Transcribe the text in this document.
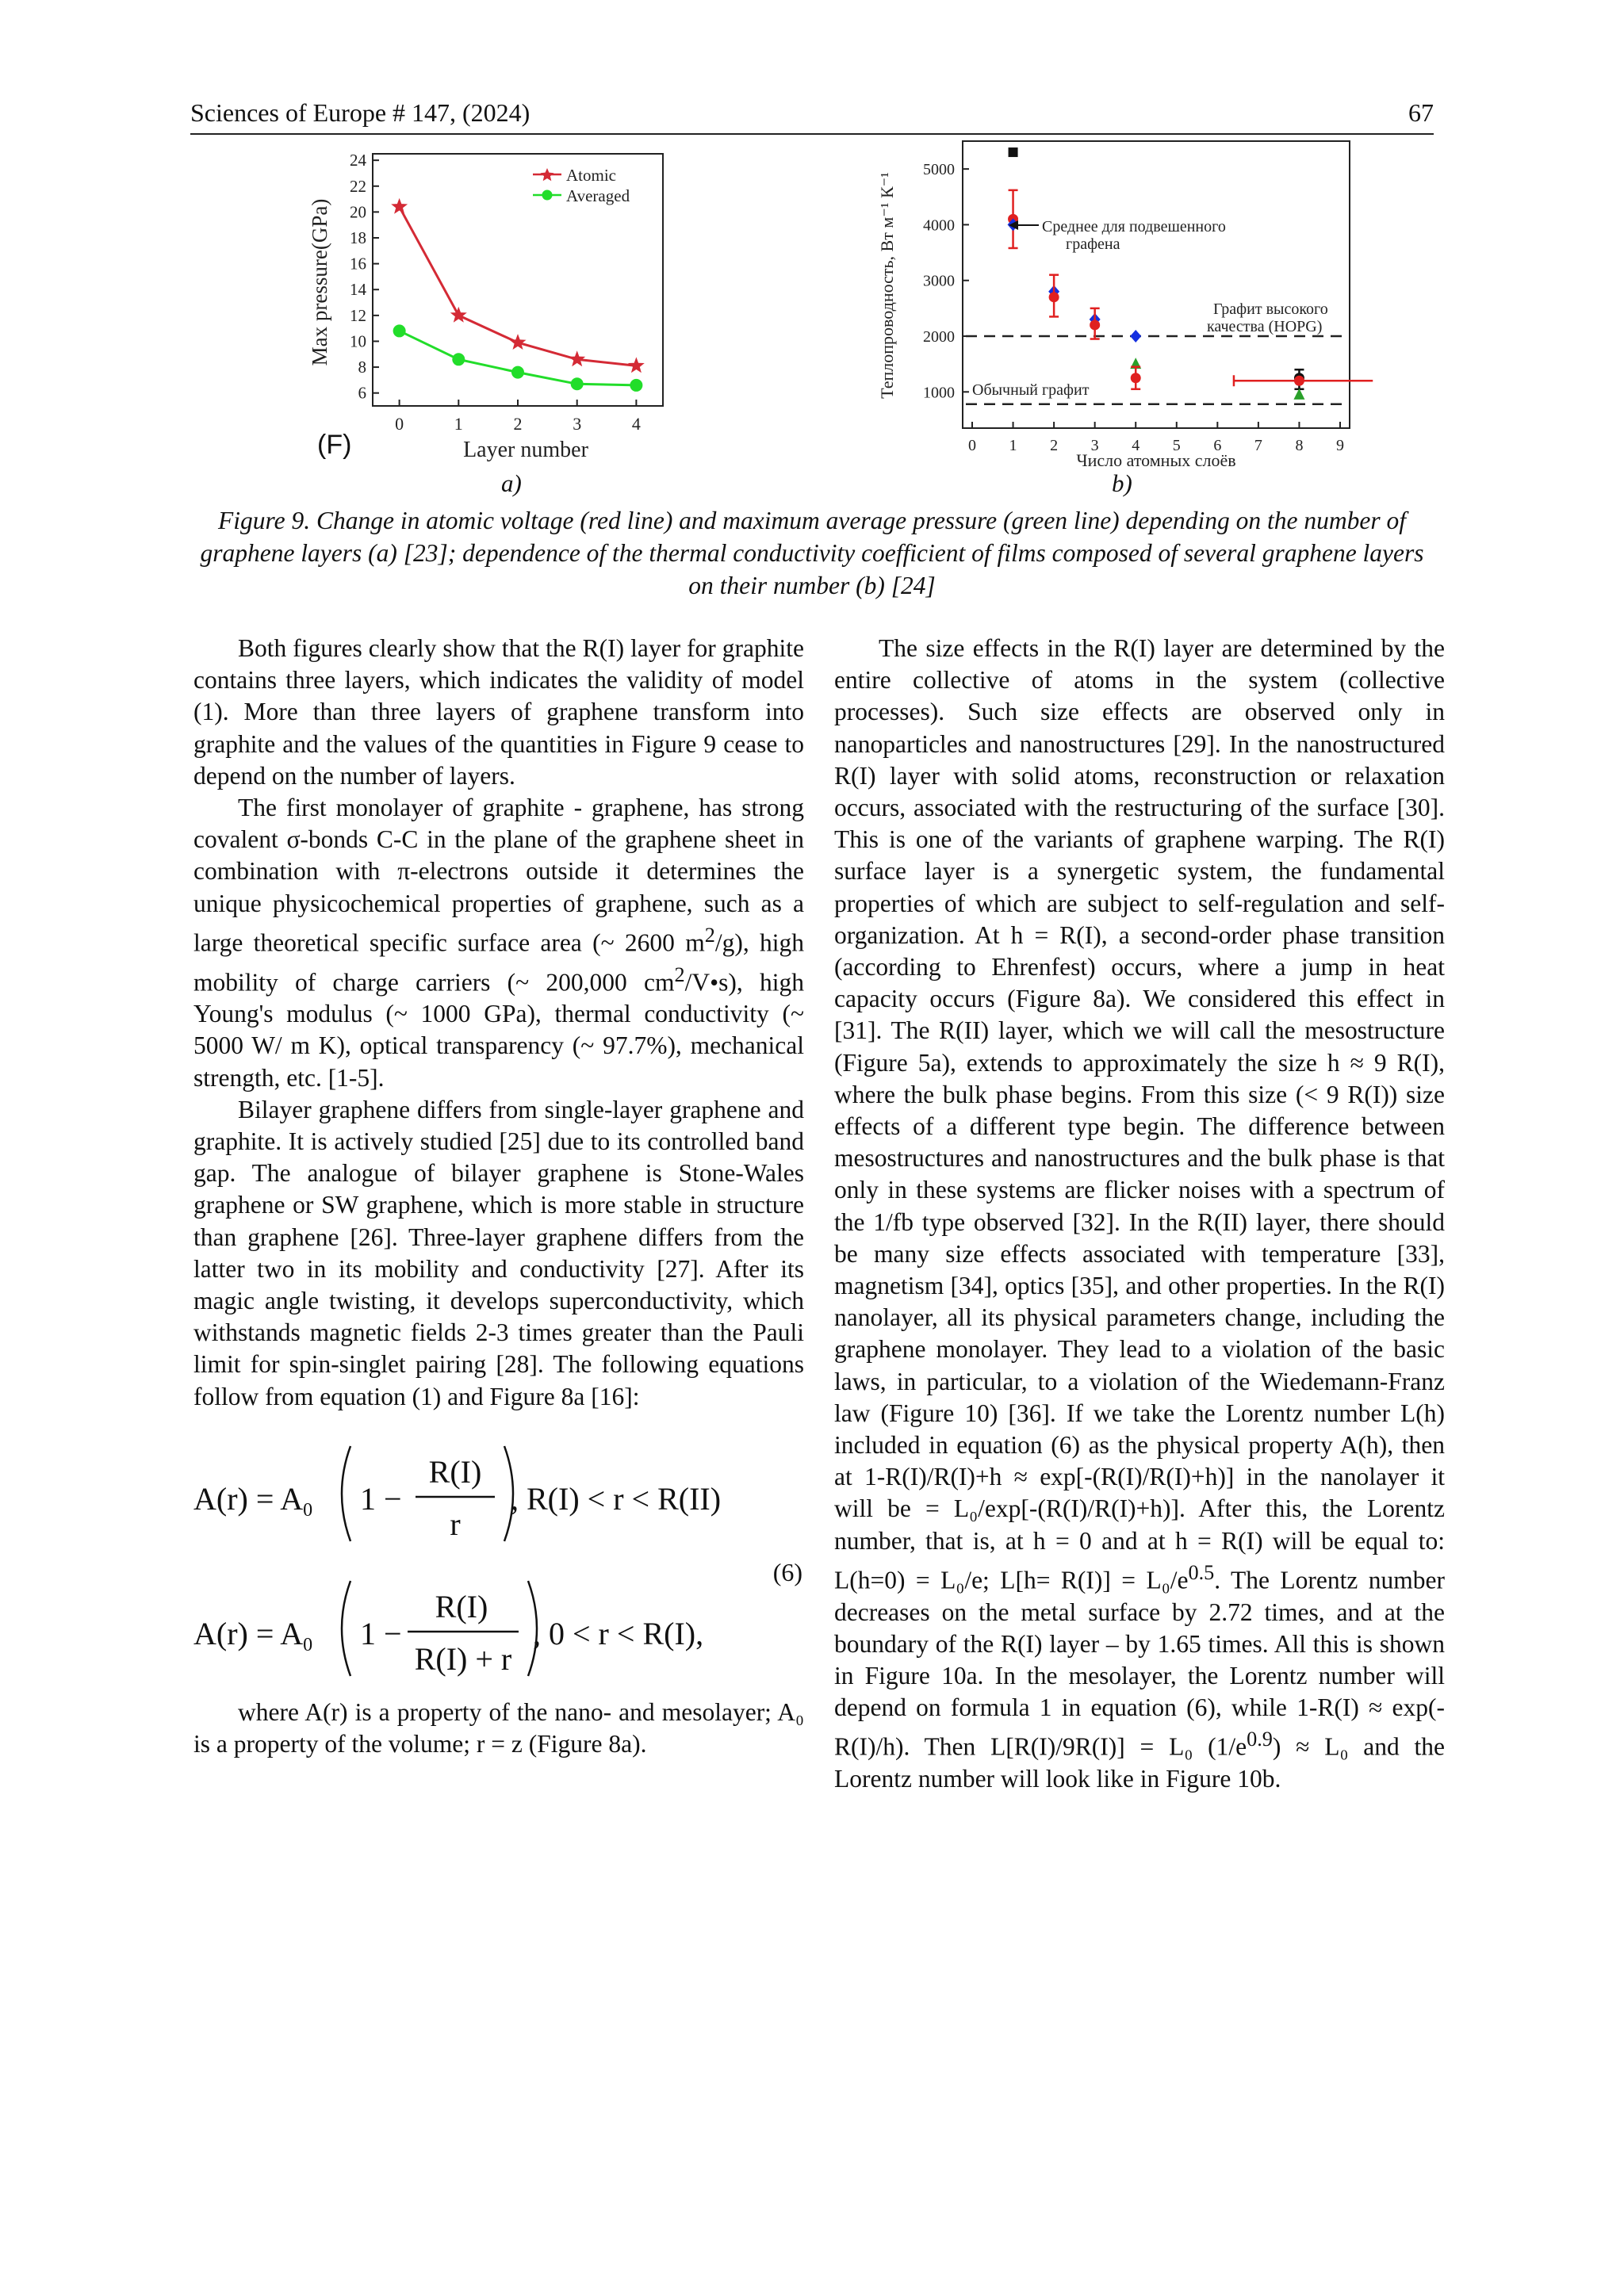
Sciences of Europe # 147, (2024)	67
6
8
10
12
14
16
18
20
22
24
0	1	2	3	4
Atomic
Averaged
Max pressure(GPa)
Layer number
(F)
1000
2000
3000
4000
5000
0 1 2 3 4 5 6 7 8 9
Среднее для подвешенного
графена
Графит высокого
качества (HOPG)
Обычный графит
Теплопроводность, Вт м⁻¹ К⁻¹
Число атомных слоёв
a)	b)
Figure 9. Change in atomic voltage (red line) and maximum average pressure (green line) depending on the number of graphene layers (a) [23]; dependence of the thermal conductivity coefficient of films composed of several graphene layers on their number (b) [24]

Both figures clearly show that the R(I) layer for graphite contains three layers, which indicates the validity of model (1). More than three layers of graphene transform into graphite and the values of the quantities in Figure 9 cease to depend on the number of layers.

The first monolayer of graphite - graphene, has strong covalent σ-bonds C-C in the plane of the graphene sheet in combination with π-electrons outside it determines the unique physicochemical properties of graphene, such as a large theoretical specific surface area (~ 2600 $m^2/g$), high mobility of charge carriers (~ 200,000 $cm^2/V•s$), high Young's modulus (~ 1000 GPa), thermal conductivity (~ 5000 W/ m K), optical transparency (~ 97.7%), mechanical strength, etc. [1-5].

Bilayer graphene differs from single-layer graphene and graphite. It is actively studied [25] due to its controlled band gap. The analogue of bilayer graphene is Stone-Wales graphene or SW graphene, which is more stable in structure than graphene [26]. Three-layer graphene differs from the latter two in its mobility and conductivity [27]. After its magic angle twisting, it develops superconductivity, which withstands magnetic fields 2-3 times greater than the Pauli limit for spin-singlet pairing [28]. The following equations follow from equation (1) and Figure 8a [16]:

$A(r) = A_0$ 1 −
R(I)
r
, R(I) < r < R(II)
$A(r) = A_0$ 1 −
R(I)
R(I) + r
, 0 < r < R(I),
(6)

where A(r) is a property of the nano- and mesolayer; A₀ is a property of the volume; r = z (Figure 8a).

The size effects in the R(I) layer are determined by the entire collective of atoms in the system (collective processes). Such size effects are observed only in nanoparticles and nanostructures [29]. In the nanostructured R(I) layer with solid atoms, reconstruction or relaxation occurs, associated with the restructuring of the surface [30]. This is one of the variants of graphene warping. The R(I) surface layer is a synergetic system, the fundamental properties of which are subject to self-regulation and self-organization. At h = R(I), a second-order phase transition (according to Ehrenfest) occurs, where a jump in heat capacity occurs (Figure 8a). We considered this effect in [31]. The R(II) layer, which we will call the mesostructure (Figure 5a), extends to approximately the size h ≈ 9 R(I), where the bulk phase begins. From this size (< 9 R(I)) size effects of a different type begin. The difference between mesostructures and nanostructures and the bulk phase is that only in these systems are flicker noises with a spectrum of the 1/fb type observed [32]. In the R(II) layer, there should be many size effects associated with temperature [33], magnetism [34], optics [35], and other properties. In the R(I) nanolayer, all its physical parameters change, including the graphene monolayer. They lead to a violation of the basic laws, in particular, to a violation of the Wiedemann-Franz law (Figure 10) [36]. If we take the Lorentz number L(h) included in equation (6) as the physical property A(h), then at 1-R(I)/R(I)+h ≈ exp[-(R(I)/R(I)+h)] in the nanolayer it will be = L₀/exp[-(R(I)/R(I)+h)]. After this, the Lorentz number, that is, at h = 0 and at h = R(I) will be equal to: L(h=0) = L₀/e; $L[h= R(I)] = L_0/e^{0.5}$. The Lorentz number decreases on the metal surface by 2.72 times, and at the boundary of the R(I) layer – by 1.65 times. All this is shown in Figure 10a. In the mesolayer, the Lorentz number will depend on formula 1 in equation (6), while 1-R(I) ≈ exp(-R(I)/h). Then L[R(I)/9R(I)] = L₀ $(1/e^{0.9}) \approx L_0$ and the Lorentz number will look like in Figure 10b.
